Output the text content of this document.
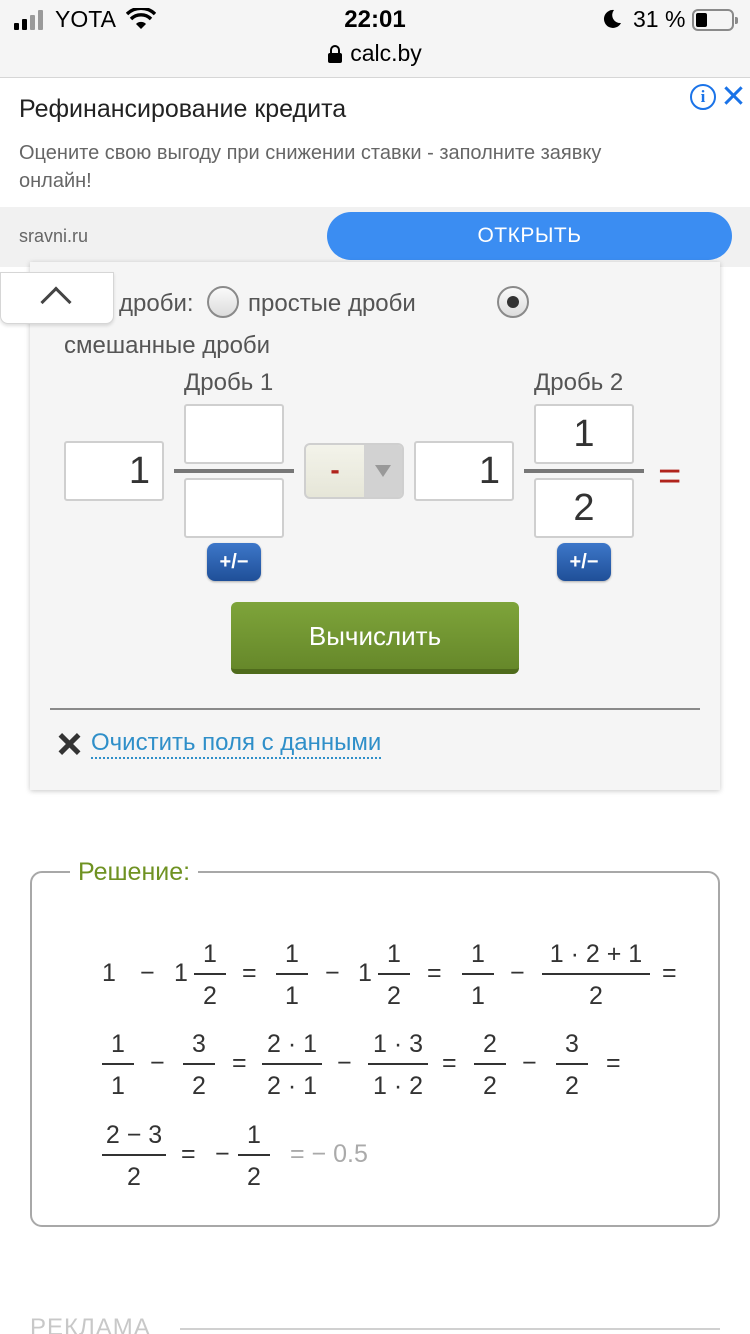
YOTA	22:01	31 %
calc.by
Рефинансирование кредита
Оцените свою выгоду при снижении ставки - заполните заявку онлайн!
i
sravni.ru	ОТКРЫТЬ
дроби: простые дроби
смешанные дроби
Дробь 1	Дробь 2
1	-	1
1
2
=
+/−	+/−
Вычислить
Очистить поля с данными
Решение:
1 − 1
1
2
=
1
1
− 1
1
2
=
1
1
−
1 · 2 + 1
2
=
1
1
−
3
2
=
2 · 1
2 · 1
−
1 · 3
1 · 2
=
2
2
−
3
2
=
2 − 3
2
= −
1
2
= − 0.5
РЕКЛАМА
